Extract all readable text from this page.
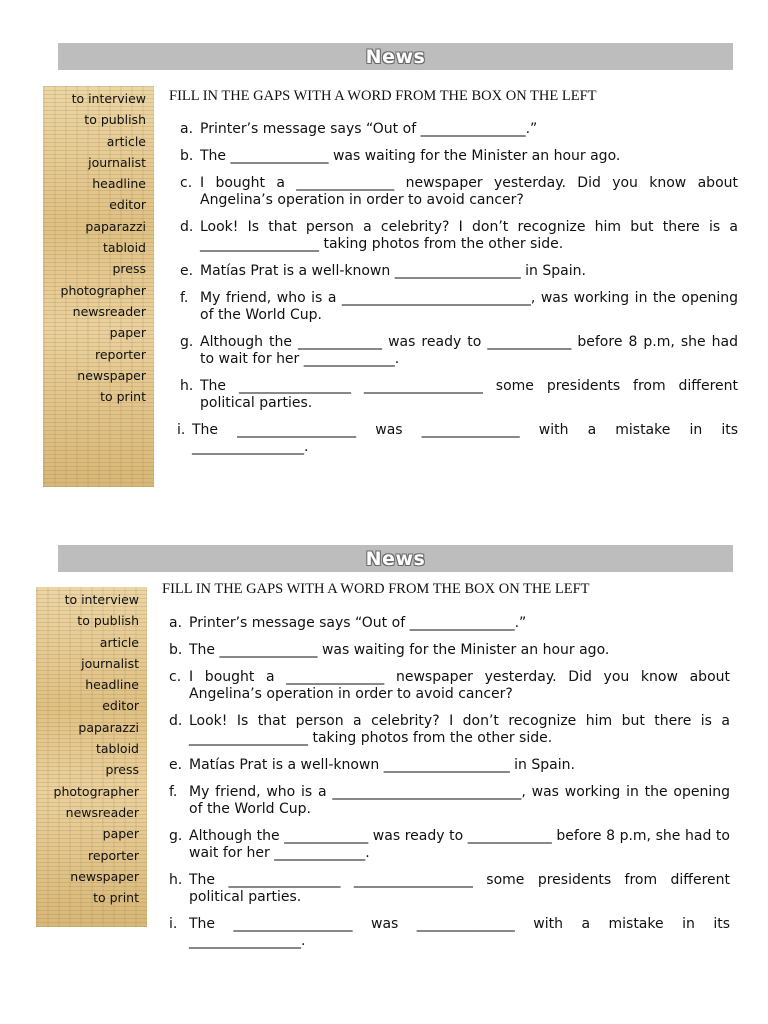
News
to interview
to publish
article
journalist
headline
editor
paparazzi
tabloid
press
photographer
newsreader
paper
reporter
newspaper
to print
FILL IN THE GAPS WITH A WORD FROM THE BOX ON THE LEFT
a. Printer’s message says “Out of _______________.”
b. The ______________ was waiting for the Minister an hour ago.
c. I bought a ______________ newspaper yesterday. Did you know about Angelina’s operation in order to avoid cancer?
d. Look! Is that person a celebrity? I don’t recognize him but there is a _________________ taking photos from the other side.
e. Matías Prat is a well-known __________________ in Spain.
f. My friend, who is a ___________________________, was working in the opening of the World Cup.
g. Although the ____________ was ready to ____________ before 8 p.m, she had to wait for her _____________.
h. The ________________ _________________ some presidents from different political parties.
i. The _________________ was ______________ with a mistake in its ________________.
News
to interview
to publish
article
journalist
headline
editor
paparazzi
tabloid
press
photographer
newsreader
paper
reporter
newspaper
to print
FILL IN THE GAPS WITH A WORD FROM THE BOX ON THE LEFT
a. Printer’s message says “Out of _______________.”
b. The ______________ was waiting for the Minister an hour ago.
c. I bought a ______________ newspaper yesterday. Did you know about Angelina’s operation in order to avoid cancer?
d. Look! Is that person a celebrity? I don’t recognize him but there is a _________________ taking photos from the other side.
e. Matías Prat is a well-known __________________ in Spain.
f. My friend, who is a ___________________________, was working in the opening of the World Cup.
g. Although the ____________ was ready to ____________ before 8 p.m, she had to wait for her _____________.
h. The ________________ _________________ some presidents from different political parties.
i. The _________________ was ______________ with a mistake in its ________________.
